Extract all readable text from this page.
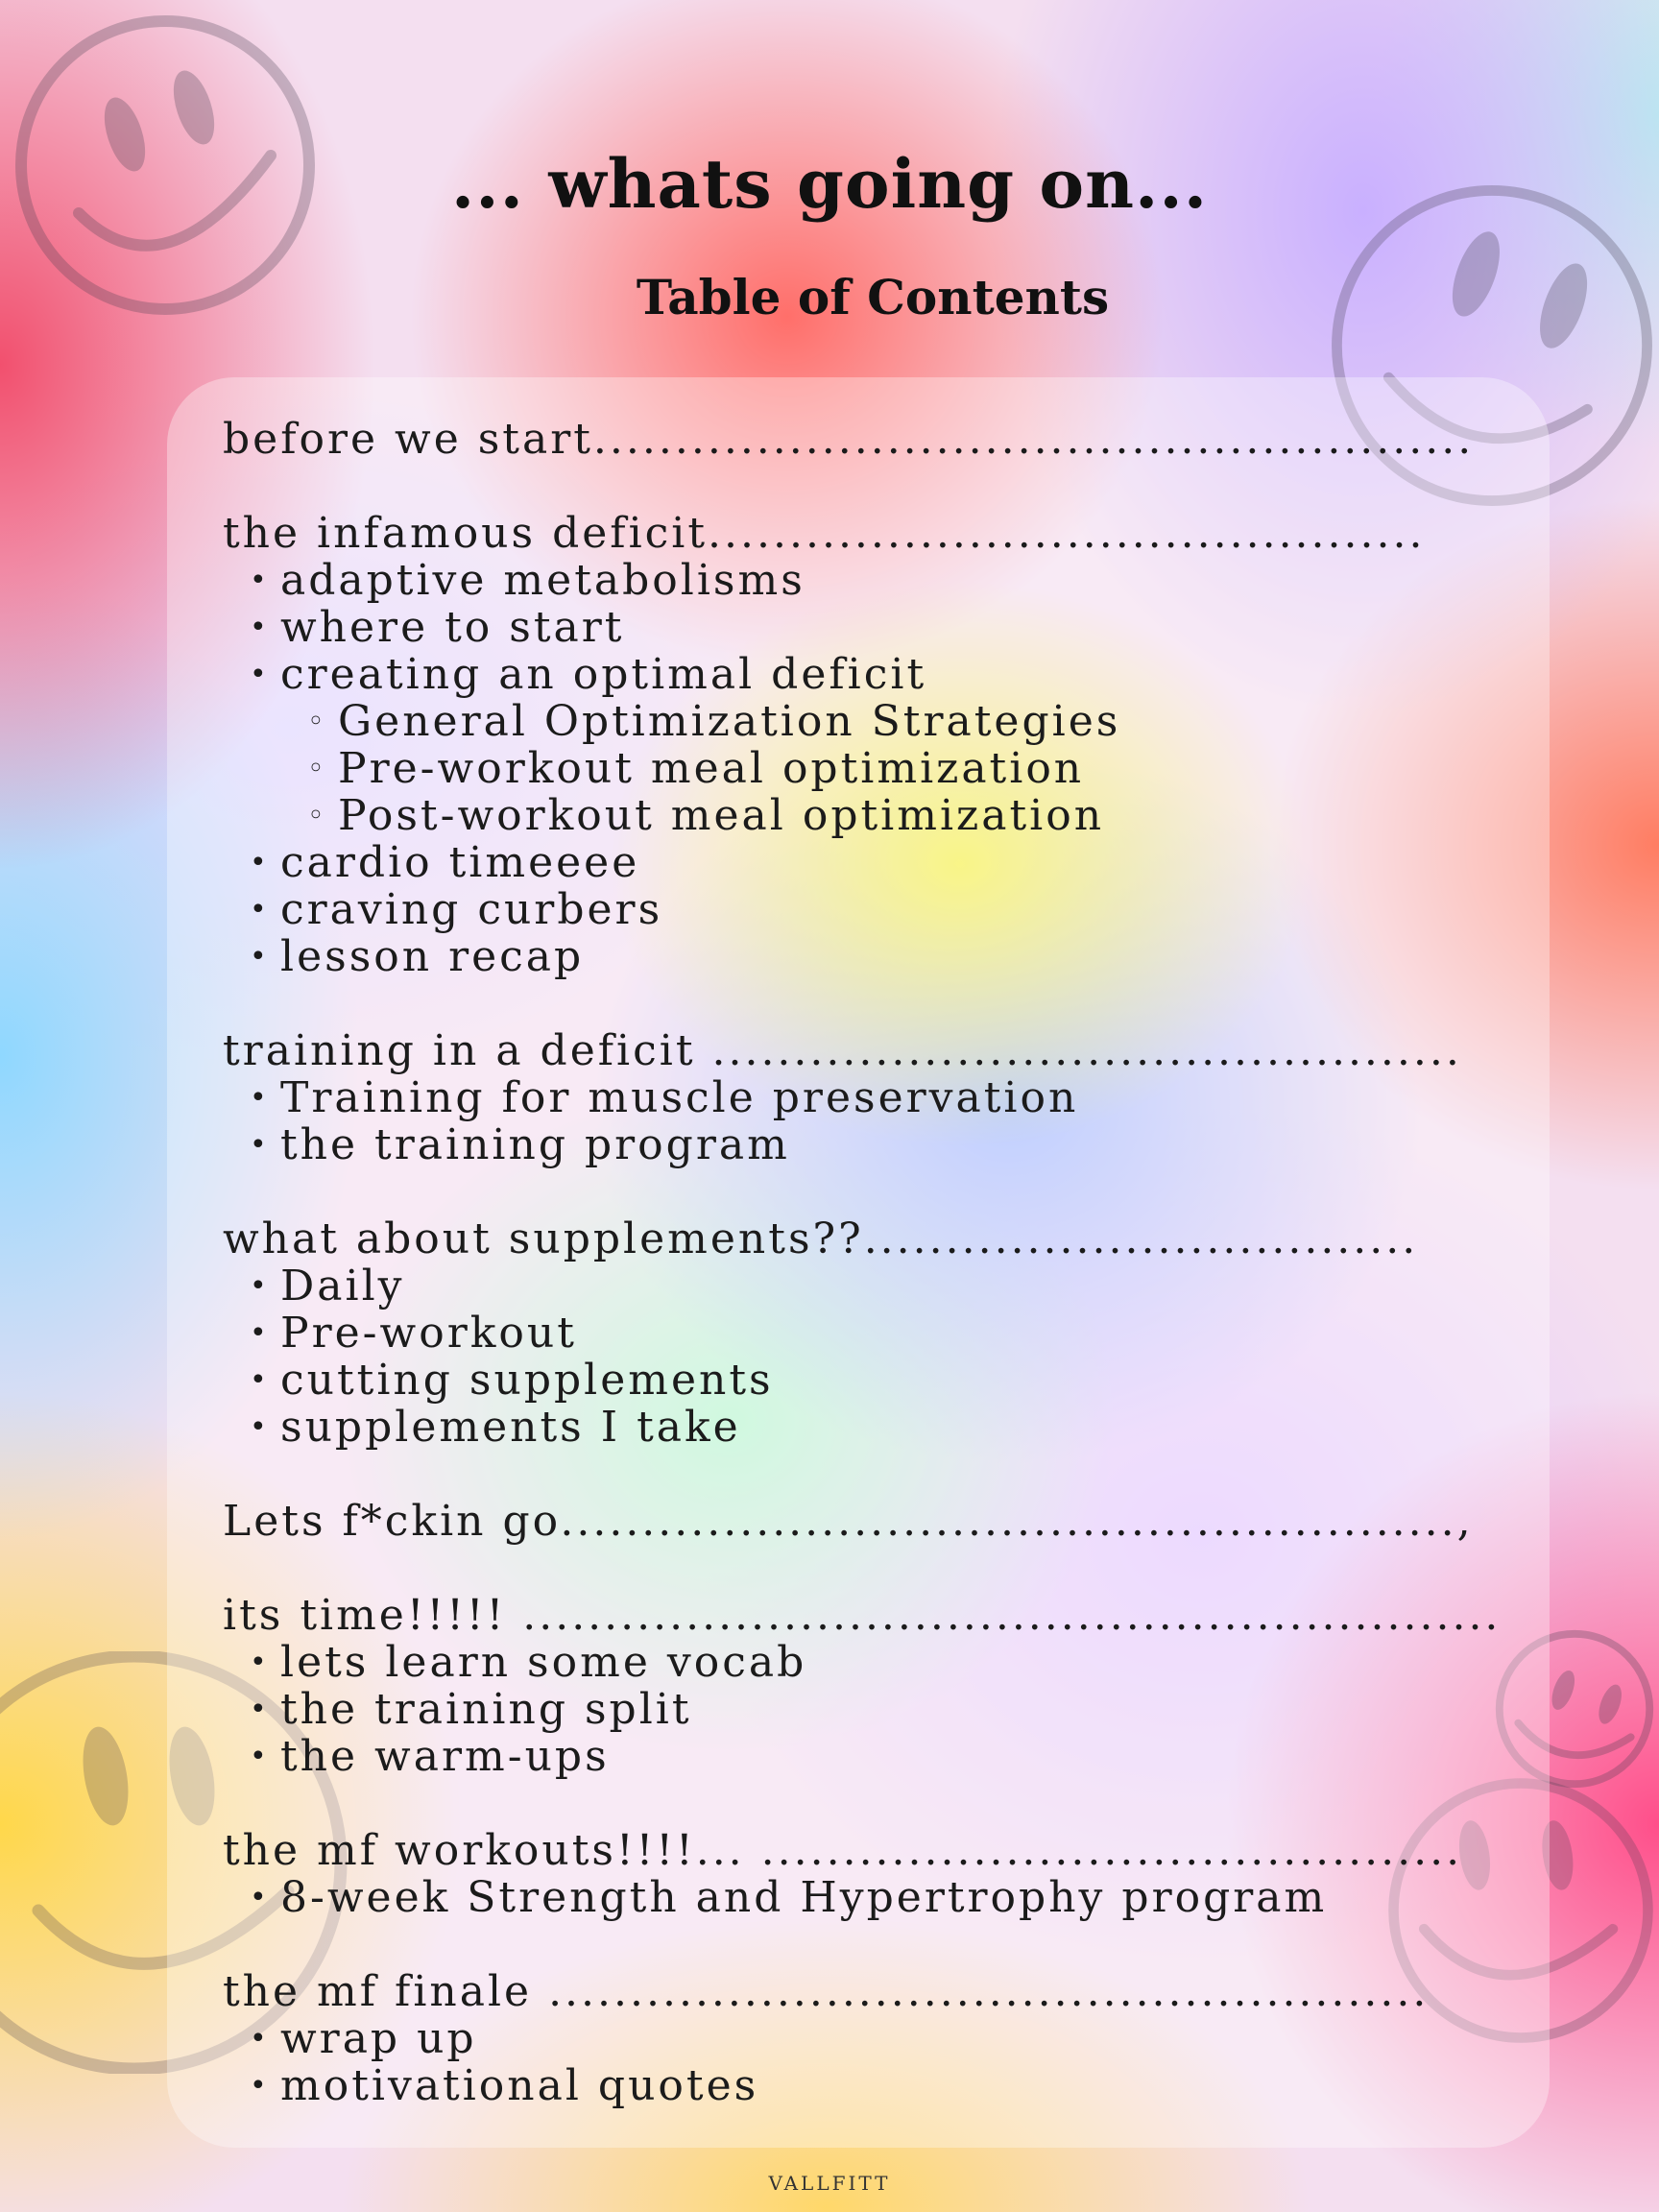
... whats going on...
Table of Contents
before we start......................................................
the infamous deficit............................................
• adaptive metabolisms
• where to start
• creating an optimal deficit
◦ General Optimization Strategies
◦ Pre-workout meal optimization
◦ Post-workout meal optimization
• cardio timeeee
• craving curbers
• lesson recap
training in a deficit ..............................................
• Training for muscle preservation
• the training program
what about supplements??..................................
• Daily
• Pre-workout
• cutting supplements
• supplements I take
Lets f*ckin go.......................................................,
its time!!!!! ............................................................
• lets learn some vocab
• the training split
• the warm-ups
the mf workouts!!!!... ...........................................
• 8-week Strength and Hypertrophy program
the mf finale ......................................................
• wrap up
• motivational quotes
VALLFITT
